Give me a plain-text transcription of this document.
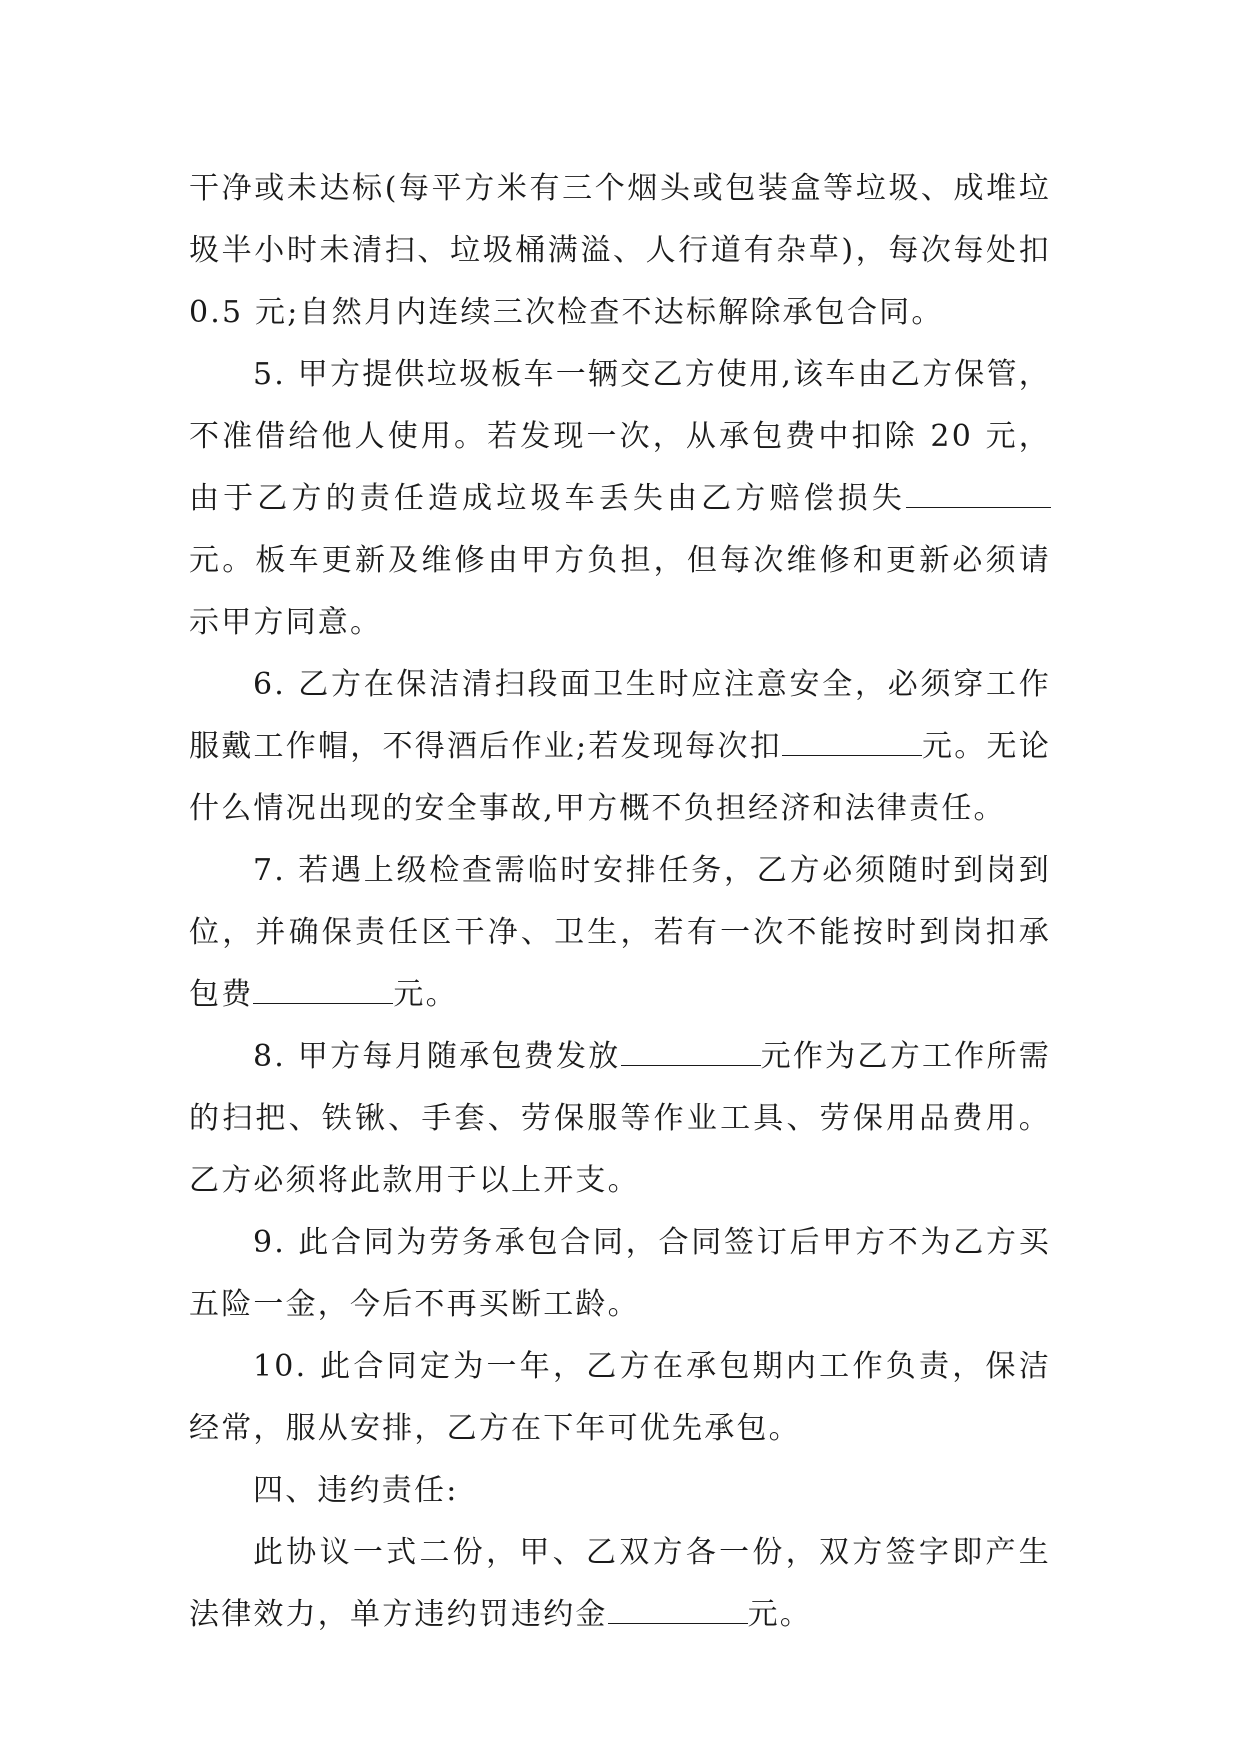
干净或未达标(每平方米有三个烟头或包装盒等垃圾、成堆垃圾半小时未清扫、垃圾桶满溢、人行道有杂草)，每次每处扣 0.5 元;自然月内连续三次检查不达标解除承包合同。

5. 甲方提供垃圾板车一辆交乙方使用,该车由乙方保管，不准借给他人使用。若发现一次，从承包费中扣除 20 元，由于乙方的责任造成垃圾车丢失由乙方赔偿损失元。板车更新及维修由甲方负担，但每次维修和更新必须请示甲方同意。

6. 乙方在保洁清扫段面卫生时应注意安全，必须穿工作服戴工作帽，不得酒后作业;若发现每次扣	元。无论什么情况出现的安全事故,甲方概不负担经济和法律责任。

7. 若遇上级检查需临时安排任务，乙方必须随时到岗到位，并确保责任区干净、卫生，若有一次不能按时到岗扣承包费	元。

8. 甲方每月随承包费发放	元作为乙方工作所需的扫把、铁锹、手套、劳保服等作业工具、劳保用品费用。乙方必须将此款用于以上开支。

9. 此合同为劳务承包合同，合同签订后甲方不为乙方买五险一金，今后不再买断工龄。

10. 此合同定为一年，乙方在承包期内工作负责，保洁经常，服从安排，乙方在下年可优先承包。

四、违约责任:

此协议一式二份，甲、乙双方各一份，双方签字即产生法律效力，单方违约罚违约金	元。
